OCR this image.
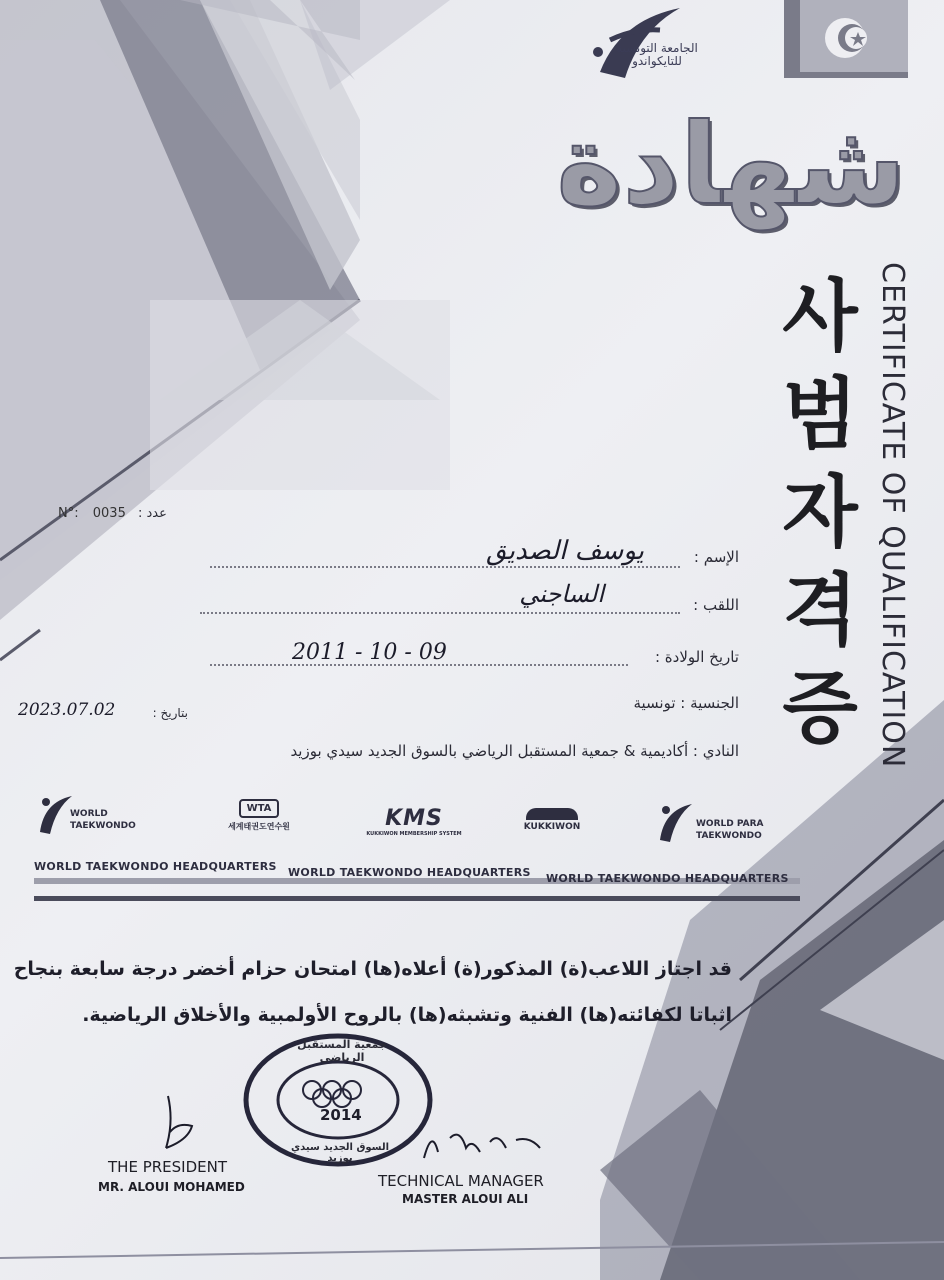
الجامعة التونسية للتايكواندو
شهادة
사
범
자
격
증 CERTIFICATE OF QUALIFICATION
N°: 0035 : عدد
الإسم :
يوسف الصديق
اللقب :
الساجني
تاريخ الولادة :
2011 - 10 - 09
الجنسية : تونسية
بتاريخ :
2023.07.02
النادي : أكاديمية & جمعية المستقبل الرياضي بالسوق الجديد سيدي بوزيد
WORLD TAEKWONDO
WTA
세계태권도연수원	KMS
KUKKIWON MEMBERSHIP SYSTEM
KUKKIWON	WORLD PARA TAEKWONDO
WORLD TAEKWONDO HEADQUARTERS WORLD TAEKWONDO HEADQUARTERS WORLD TAEKWONDO HEADQUARTERS
قد اجتاز اللاعب(ة) المذكور(ة) أعلاه(ها) امتحان حزام أخضر درجة سابعة بنجاح
اثباتا لكفائته(ها) الفنية وتشبثه(ها) بالروح الأولمبية والأخلاق الرياضية.
جمعية المستقبل الرياضي
2014
السوق الجديد سيدي بوزيد
THE PRESIDENT
MR. ALOUI MOHAMED	TECHNICAL MANAGER
MASTER ALOUI ALI
